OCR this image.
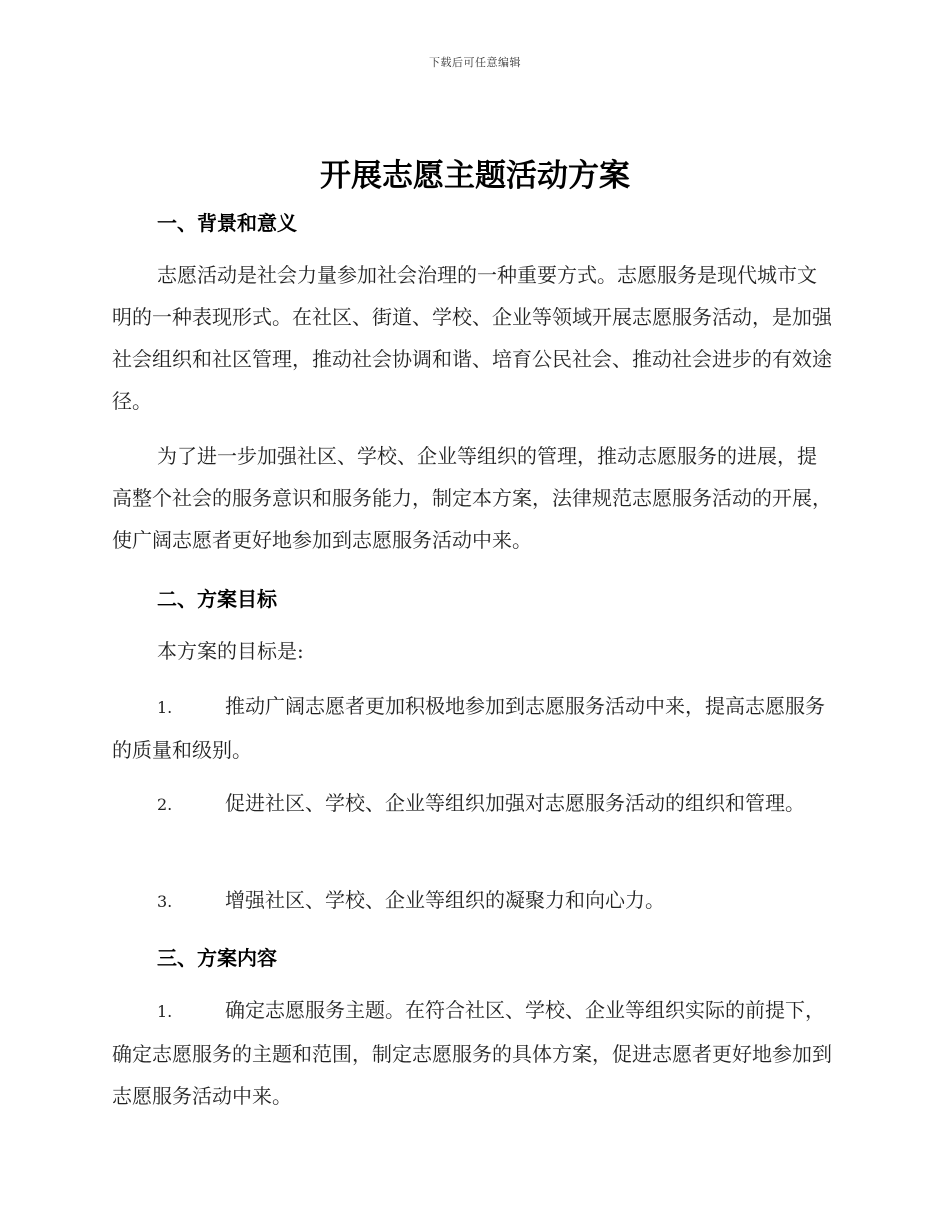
下载后可任意编辑
开展志愿主题活动方案
一、背景和意义

志愿活动是社会力量参加社会治理的一种重要方式。志愿服务是现代城市文明的一种表现形式。在社区、街道、学校、企业等领域开展志愿服务活动，是加强社会组织和社区管理，推动社会协调和谐、培育公民社会、推动社会进步的有效途径。

为了进一步加强社区、学校、企业等组织的管理，推动志愿服务的进展，提高整个社会的服务意识和服务能力，制定本方案，法律规范志愿服务活动的开展，使广阔志愿者更好地参加到志愿服务活动中来。

二、方案目标

本方案的目标是:

1.	推动广阔志愿者更加积极地参加到志愿服务活动中来，提高志愿服务的质量和级别。

2.	促进社区、学校、企业等组织加强对志愿服务活动的组织和管理。

3.	增强社区、学校、企业等组织的凝聚力和向心力。

三、方案内容

1.	确定志愿服务主题。在符合社区、学校、企业等组织实际的前提下，确定志愿服务的主题和范围，制定志愿服务的具体方案，促进志愿者更好地参加到志愿服务活动中来。
